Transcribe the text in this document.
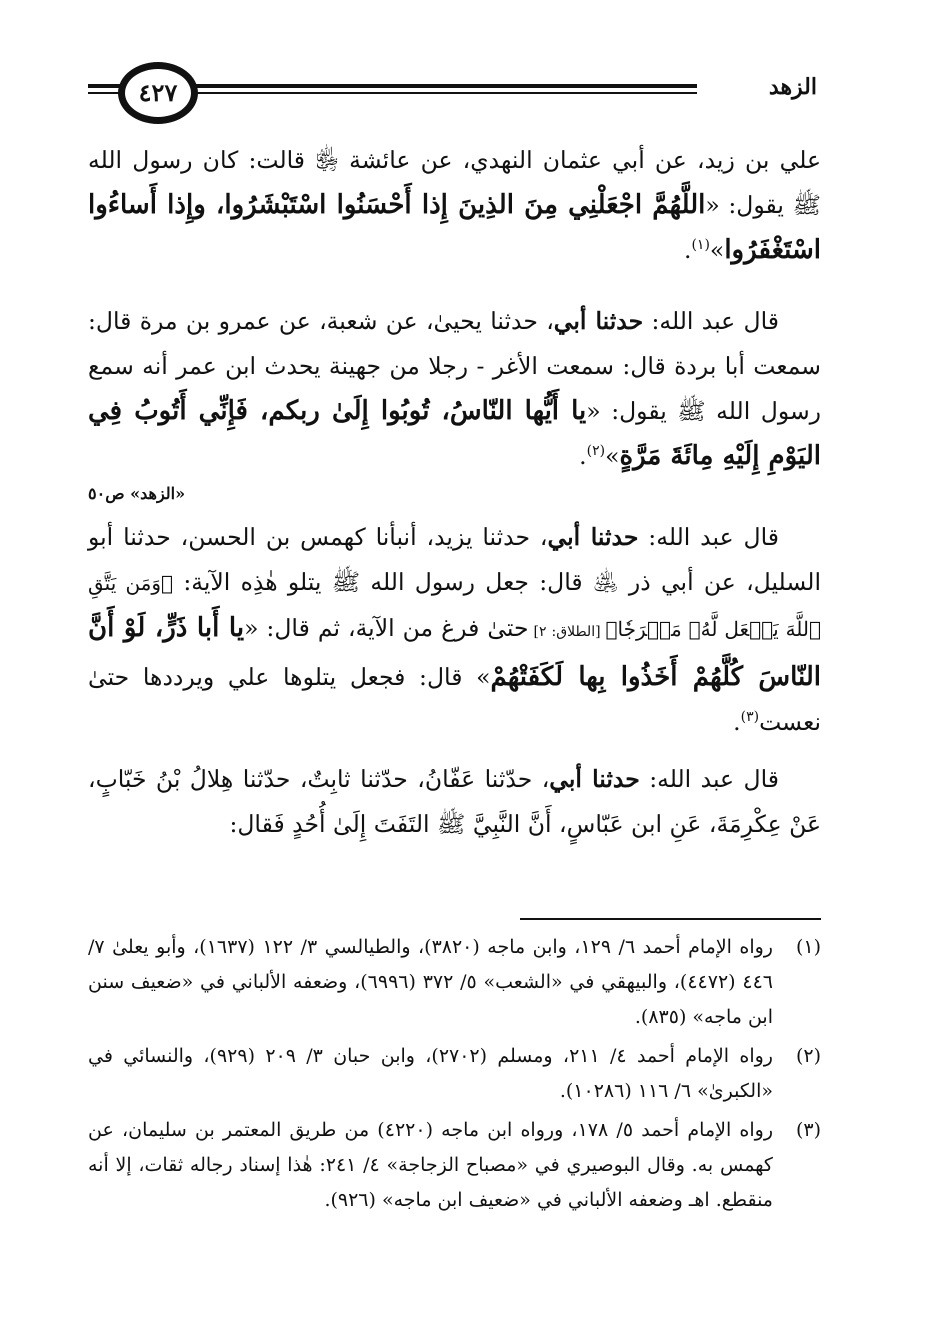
٤٢٧	الزهد

علي بن زيد، عن أبي عثمان النهدي، عن عائشة ﵂ قالت: كان رسول الله ﷺ يقول: «اللَّهُمَّ اجْعَلْنِي مِنَ الذِينَ إِذا أَحْسَنُوا اسْتَبْشَرُوا، وإِذا أَساءُوا اسْتَغْفَرُوا»$^{(١)}$.

قال عبد الله: حدثنا أبي، حدثنا يحيىٰ، عن شعبة، عن عمرو بن مرة قال: سمعت أبا بردة قال: سمعت الأغر - رجلا من جهينة يحدث ابن عمر أنه سمع رسول الله ﷺ يقول: «يا أَيُّها النّاسُ، تُوبُوا إِلَىٰ ربكم، فَإِنِّي أَتُوبُ فِي اليَوْمِ إِلَيْهِ مِائَةَ مَرَّةٍ»$^{(٢)}$.

«الزهد» ص٥٠

قال عبد الله: حدثنا أبي، حدثنا يزيد، أنبأنا كهمس بن الحسن، حدثنا أبو السليل، عن أبي ذر ﵁ قال: جعل رسول الله ﷺ يتلو هٰذِه الآية: ﴿وَمَن يَتَّقِ ٱللَّهَ يَجۡعَل لَّهُۥ مَخۡرَجٗا﴾ [الطلاق: ٢] حتىٰ فرغ من الآية، ثم قال: «يا أَبا ذَرٍّ، لَوْ أَنَّ النّاسَ كُلَّهُمْ أَخَذُوا بِها لَكَفَتْهُمْ» قال: فجعل يتلوها علي ويرددها حتىٰ نعست$^{(٣)}$.

قال عبد الله: حدثنا أبي، حدّثنا عَفّانُ، حدّثنا ثابِتٌ، حدّثنا هِلالُ بْنُ خَبّابٍ، عَنْ عِكْرِمَةَ، عَنِ ابن عَبّاسٍ، أَنَّ النَّبِيَّ ﷺ التَفَتَ إِلَىٰ أُحُدٍ فَقال:

(١)
رواه الإمام أحمد ٦/ ١٢٩، وابن ماجه (٣٨٢٠)، والطيالسي ٣/ ١٢٢ (١٦٣٧)، وأبو يعلىٰ ٧/ ٤٤٦ (٤٤٧٢)، والبيهقي في «الشعب» ٥/ ٣٧٢ (٦٩٩٦)، وضعفه الألباني في «ضعيف سنن ابن ماجه» (٨٣٥).
(٢)
رواه الإمام أحمد ٤/ ٢١١، ومسلم (٢٧٠٢)، وابن حبان ٣/ ٢٠٩ (٩٢٩)، والنسائي في «الكبرىٰ» ٦/ ١١٦ (١٠٢٨٦).
(٣)
رواه الإمام أحمد ٥/ ١٧٨، ورواه ابن ماجه (٤٢٢٠) من طريق المعتمر بن سليمان، عن كهمس به. وقال البوصيري في «مصباح الزجاجة» ٤/ ٢٤١: هٰذا إسناد رجاله ثقات، إلا أنه منقطع. اهـ وضعفه الألباني في «ضعيف ابن ماجه» (٩٢٦).
